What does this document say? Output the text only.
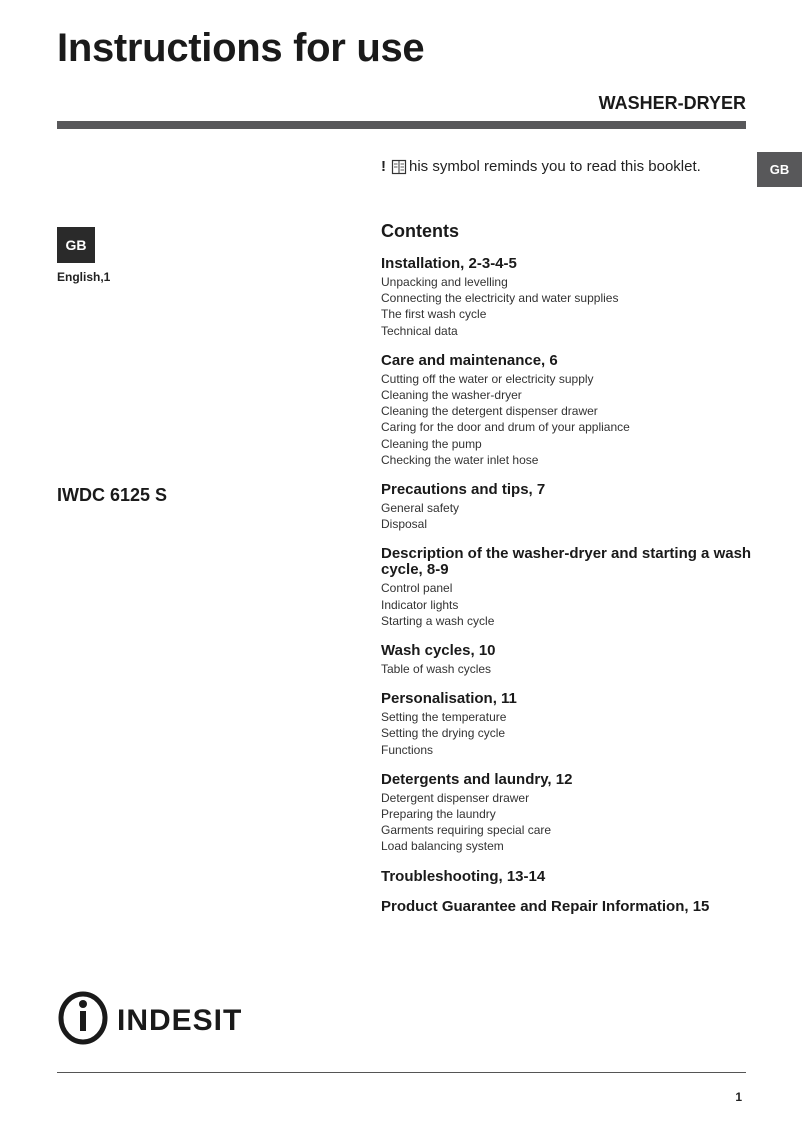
Instructions for use
WASHER-DRYER
GB
! his symbol reminds you to read this booklet.
GB
English,1
IWDC 6125 S
Contents
Installation, 2-3-4-5
Unpacking and levelling
Connecting the electricity and water supplies
The first wash cycle
Technical data
Care and maintenance, 6
Cutting off the water or electricity supply
Cleaning the washer-dryer
Cleaning the detergent dispenser drawer
Caring for the door and drum of your appliance
Cleaning the pump
Checking the water inlet hose
Precautions and tips, 7
General safety
Disposal
Description of the washer-dryer and starting a wash cycle, 8-9
Control panel
Indicator lights
Starting a wash cycle
Wash cycles, 10
Table of wash cycles
Personalisation, 11
Setting the temperature
Setting the drying cycle
Functions
Detergents and laundry, 12
Detergent dispenser drawer
Preparing the laundry
Garments requiring special care
Load balancing system
Troubleshooting, 13-14
Product Guarantee and Repair Information, 15
INDESIT
1
